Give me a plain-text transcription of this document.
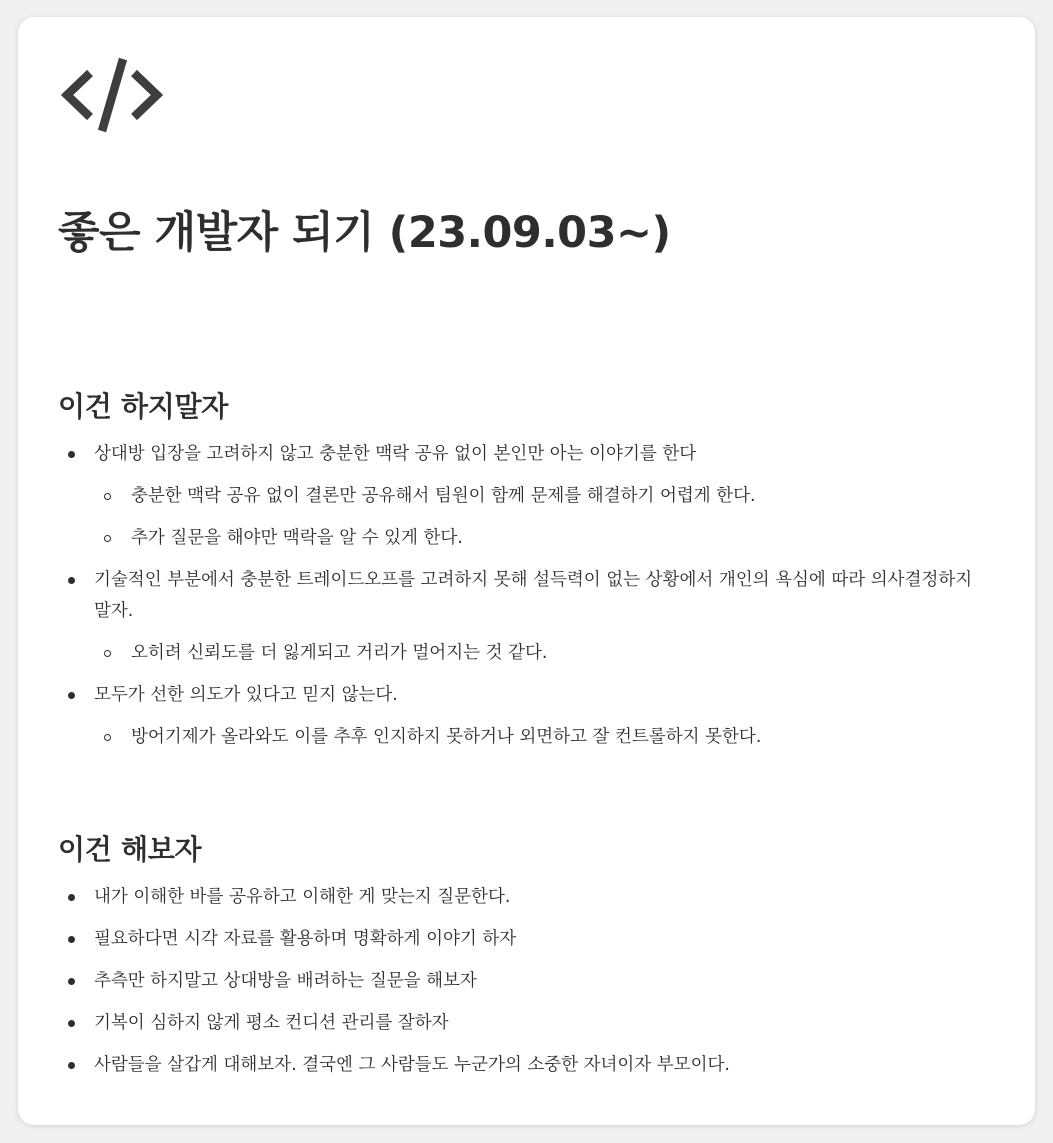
좋은 개발자 되기 (23.09.03~)
이건 하지말자
상대방 입장을 고려하지 않고 충분한 맥락 공유 없이 본인만 아는 이야기를 한다
충분한 맥락 공유 없이 결론만 공유해서 팀원이 함께 문제를 해결하기 어렵게 한다.
추가 질문을 해야만 맥락을 알 수 있게 한다.
기술적인 부분에서 충분한 트레이드오프를 고려하지 못해 설득력이 없는 상황에서 개인의 욕심에 따라 의사결정하지 말자.
오히려 신뢰도를 더 잃게되고 거리가 멀어지는 것 같다.
모두가 선한 의도가 있다고 믿지 않는다.
방어기제가 올라와도 이를 추후 인지하지 못하거나 외면하고 잘 컨트롤하지 못한다.
이건 해보자
내가 이해한 바를 공유하고 이해한 게 맞는지 질문한다.
필요하다면 시각 자료를 활용하며 명확하게 이야기 하자
추측만 하지말고 상대방을 배려하는 질문을 해보자
기복이 심하지 않게 평소 컨디션 관리를 잘하자
사람들을 살갑게 대해보자. 결국엔 그 사람들도 누군가의 소중한 자녀이자 부모이다.
